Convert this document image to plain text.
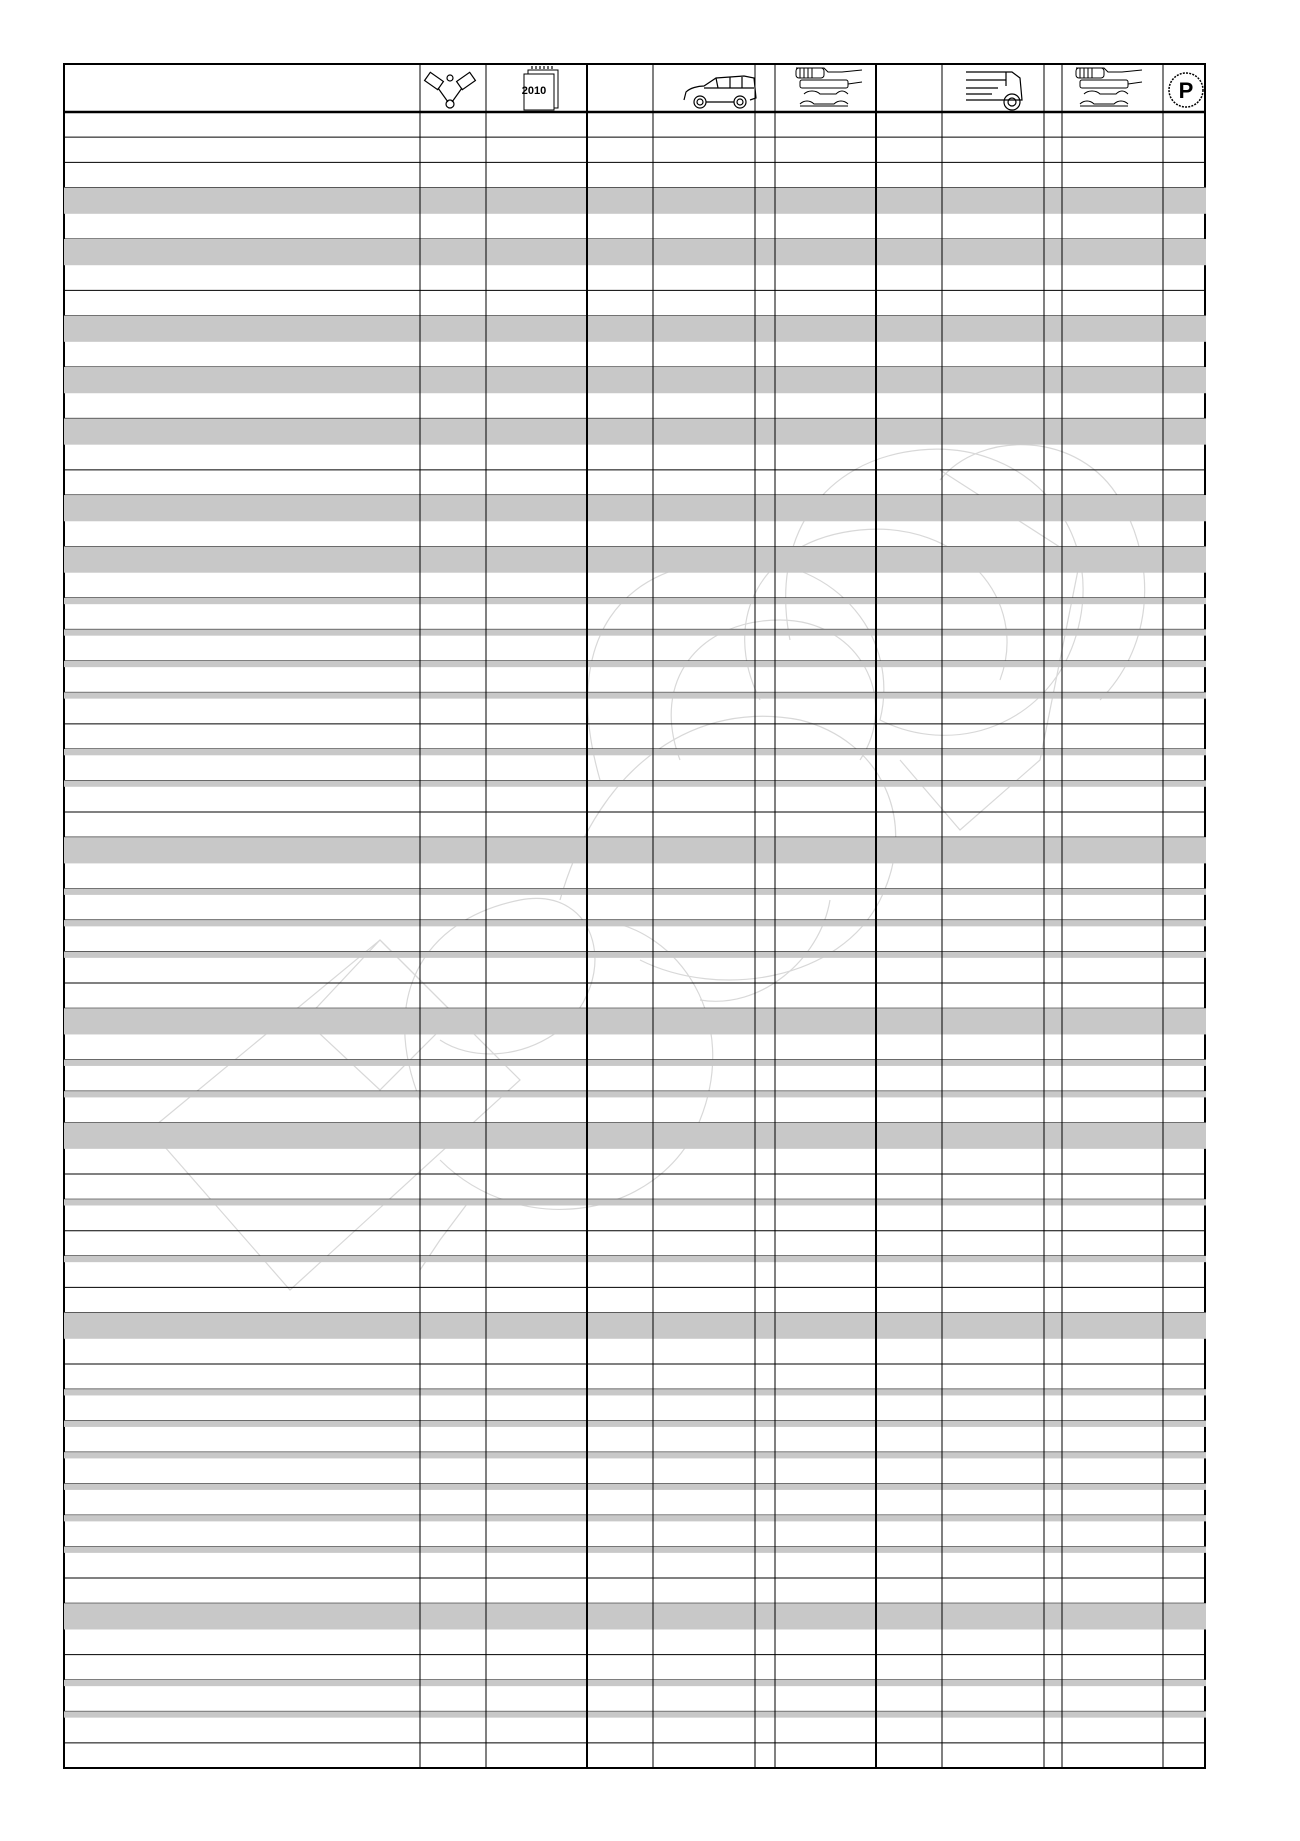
2010	P
